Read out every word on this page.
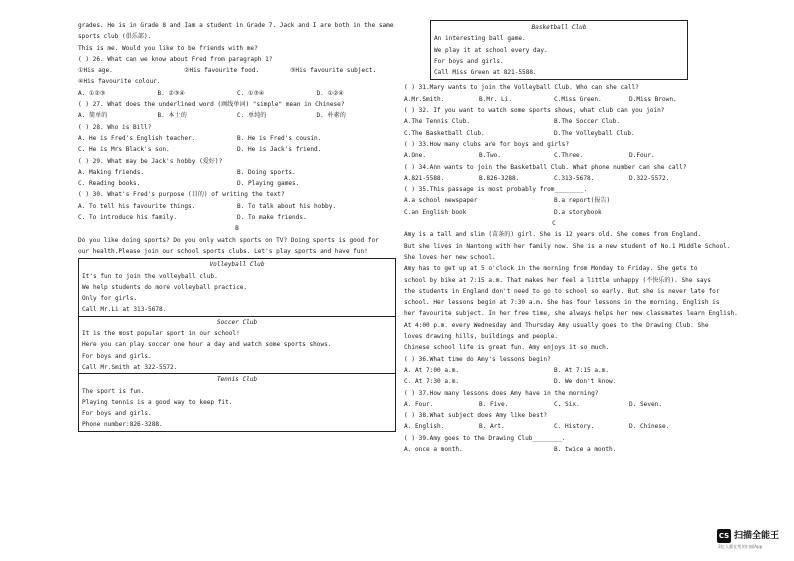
grades. He is in Grade 8 and Iam a student in Grade 7. Jack and I are both in the same
sports club (俱乐部).
This is me. Would you like to be friends with me?
( ) 26. What can we know about Fred from paragraph 1?
①His age.	②His favourite food.	③His favourite subject.
④His favourite colour.
A. ①②③	B. ②③④	C. ①③④	D. ①②④
( ) 27. What does the underlined word (画线单词) "simple" mean in Chinese?
A. 简单的	B. 本土的	C. 单纯的	D. 朴素的
( ) 28. Who is Bill?
A. He is Fred's English teacher.	B. He is Fred's cousin.
C. He is Mrs Black's son.	D. He is Jack's friend.
( ) 29. What may be Jack's hobby (爱好)?
A. Making friends.	B. Doing sports.
C. Reading books.	D. Playing games.
( ) 30. What's Fred's purpose (目的) of writing the text?
A. To tell his favourite things.	B. To talk about his hobby.
C. To introduce his family.	D. To make friends.
B
Do you like doing sports? Do you only watch sports on TV? Doing sports is good for
our health.Please join our school sports clubs. Let's play sports and have fun!
Volleyball Club
It's fun to join the volleyball club.
We help students do more volleyball practice.
Only for girls.
Call Mr.Li at 313-5678.
Soccer Club
It is the most popular sport in our school!
Here you can play soccer one hour a day and watch some sports shows.
For boys and girls.
Call Mr.Smith at 322-5572.
Tennis Club
The sport is fun.
Playing tennis is a good way to keep fit.
For boys and girls.
Phone number:826-3288.
Basketball Club
An interesting ball game.
We play it at school every day.
For boys and girls.
Call Miss Green at 821-5588.
( ) 31.Mary wants to join the Volleyball Club. Who can she call?
A.Mr.Smith.	B.Mr. Li.	C.Miss Green.	D.Miss Brown.
( ) 32. If you want to watch some sports shows, what club can you join?
A.The Tennis Club.	B.The Soccer Club.
C.The Basketball Club.	D.The Volleyball Club.
( ) 33.How many clubs are for boys and girls?
A.One.	B.Two.	C.Three.	D.Four.
( ) 34.Ann wants to join the Basketball Club. What phone number can she call?
A.821-5588.	B.826-3288.	C.313-5678.	D.322-5572.
( ) 35.This passage is most probably from________.
A.a school newspaper	B.a report(报告)
C.an English book	D.a storybook
C
Amy is a tall and slim (苗条的) girl. She is 12 years old. She comes from England.
But she lives in Nantong with her family now. She is a new student of No.1 Middle School.
She loves her new school.
Amy has to get up at 5 o'clock in the morning from Monday to Friday. She gets to
school by bike at 7:15 a.m. That makes her feel a little unhappy (不快乐的). She says
the students in England don't need to go to school so early. But she is never late for
school. Her lessons begin at 7:30 a.m. She has four lessons in the morning. English is
her favourite subject. In her free time, she always helps her new classmates learn English.
At 4:00 p.m. every Wednesday and Thursday Amy usually goes to the Drawing Club. She
loves drawing hills, buildings and people.
Chinese school life is great fun. Amy enjoys it so much.
( ) 36.What time do Amy's lessons begin?
A. At 7:00 a.m.	B. At 7:15 a.m.
C. At 7:30 a.m.	D. We don't know.
( ) 37.How many lessons does Amy have in the morning?
A. Four.	B. Five.	C. Six.	D. Seven.
( ) 38.What subject does Amy like best?
A. English.	B. Art.	C. History.	D. Chinese.
( ) 39.Amy goes to the Drawing Club________.
A. once a month.	B. twice a month.
CS 扫描全能王
3亿人都在用的扫描App
